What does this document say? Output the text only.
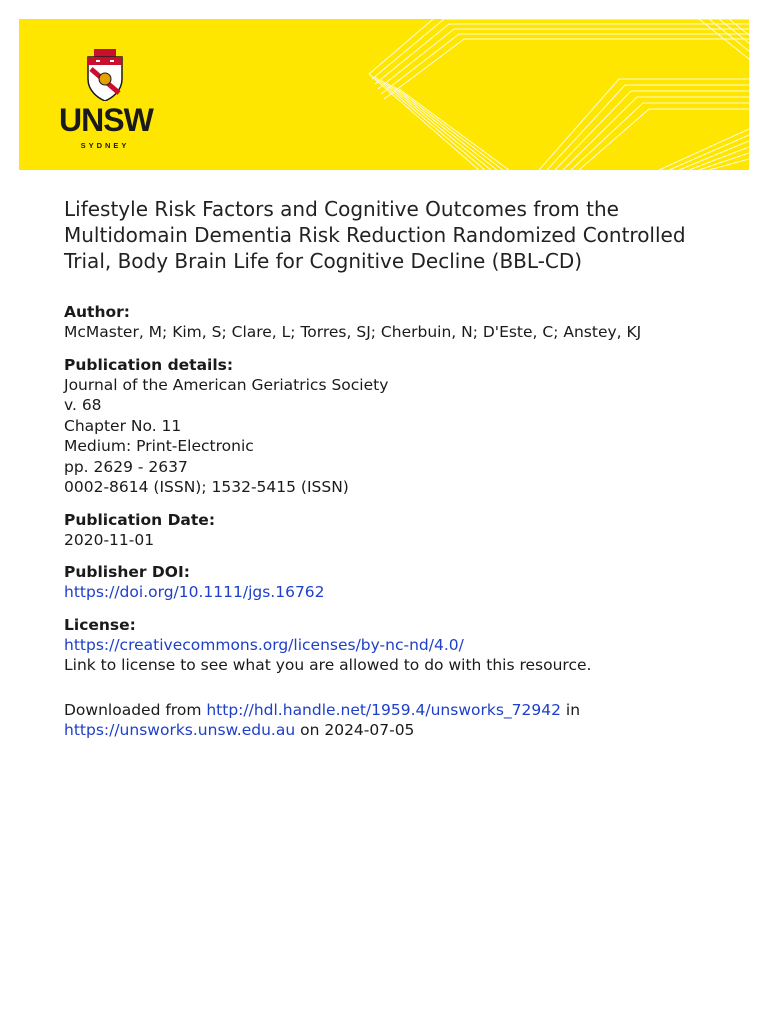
UNSW
SYDNEY
Lifestyle Risk Factors and Cognitive Outcomes from the Multidomain Dementia Risk Reduction Randomized Controlled Trial, Body Brain Life for Cognitive Decline (BBL-CD)
Author:
McMaster, M; Kim, S; Clare, L; Torres, SJ; Cherbuin, N; D'Este, C; Anstey, KJ
Publication details:
Journal of the American Geriatrics Society
v. 68
Chapter No. 11
Medium: Print-Electronic
pp. 2629 - 2637
0002-8614 (ISSN); 1532-5415 (ISSN)
Publication Date:
2020-11-01
Publisher DOI:
https://doi.org/10.1111/jgs.16762
License:
https://creativecommons.org/licenses/by-nc-nd/4.0/
Link to license to see what you are allowed to do with this resource.
Downloaded from http://hdl.handle.net/1959.4/unsworks_72942 in https://unsworks.unsw.edu.au on 2024-07-05
